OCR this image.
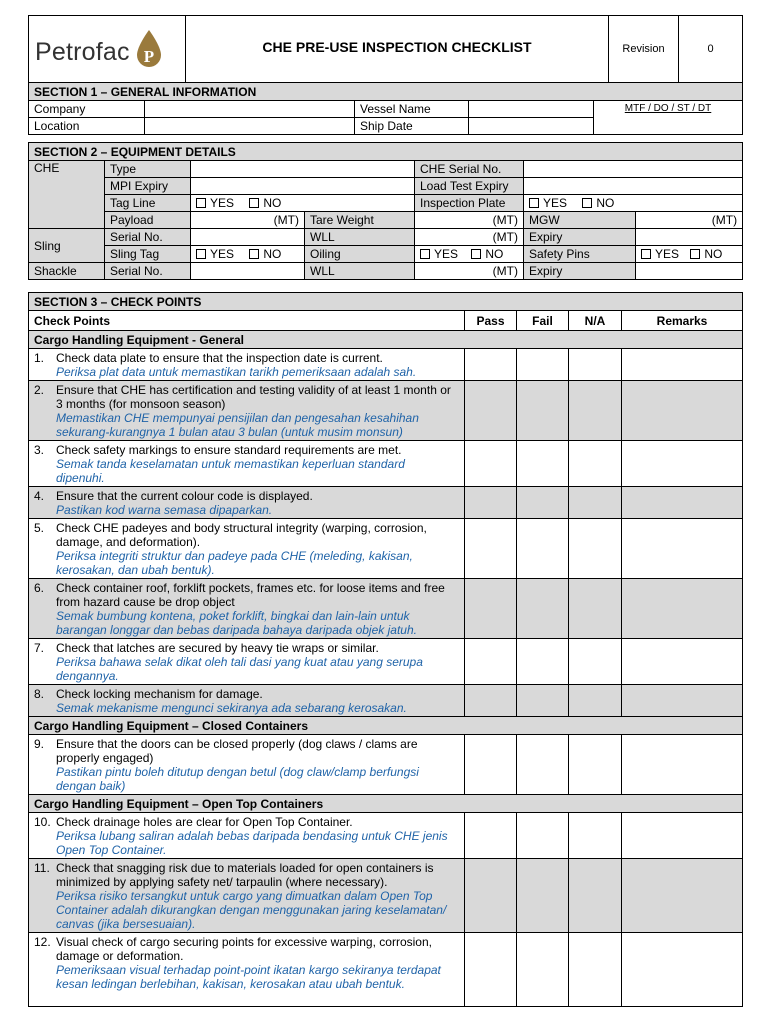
Petrofac P	CHE PRE-USE INSPECTION CHECKLIST	Revision	0
SECTION 1 – GENERAL INFORMATION				
Company		Vessel Name		MTF / DO / ST / DT
Location		Ship Date		
SECTION 2 – EQUIPMENT DETAILS						
CHE	Type			CHE Serial No.		
	MPI Expiry			Load Test Expiry		
	Tag Line	YES NO		Inspection Plate	YES NO	
	Payload	(MT)	Tare Weight	(MT)	MGW	(MT)
Sling	Serial No.		WLL	(MT)	Expiry	
	Sling Tag	YES NO	Oiling	YES NO	Safety Pins	YES NO
Shackle	Serial No.		WLL	(MT)	Expiry	
SECTION 3 – CHECK POINTS				
Check Points	Pass	Fail	N/A	Remarks
Cargo Handling Equipment - General				
1. Check data plate to ensure that the inspection date is current.
Periksa plat data untuk memastikan tarikh pemeriksaan adalah sah.				

2. Ensure that CHE has certification and testing validity of at least 1 month or 3 months (for monsoon season)
Memastikan CHE mempunyai pensijilan dan pengesahan kesahihan sekurang-kurangnya 1 bulan atau 3 bulan (untuk musim monsun)				

3. Check safety markings to ensure standard requirements are met.
Semak tanda keselamatan untuk memastikan keperluan standard dipenuhi.				

4. Ensure that the current colour code is displayed.
Pastikan kod warna semasa dipaparkan.				

5. Check CHE padeyes and body structural integrity (warping, corrosion, damage, and deformation).
Periksa integriti struktur dan padeye pada CHE (meleding, kakisan, kerosakan, dan ubah bentuk).				

6. Check container roof, forklift pockets, frames etc. for loose items and free from hazard cause be drop object
Semak bumbung kontena, poket forklift, bingkai dan lain-lain untuk barangan longgar dan bebas daripada bahaya daripada objek jatuh.				

7. Check that latches are secured by heavy tie wraps or similar.
Periksa bahawa selak dikat oleh tali dasi yang kuat atau yang serupa dengannya.				

8. Check locking mechanism for damage.
Semak mekanisme mengunci sekiranya ada sebarang kerosakan.				

Cargo Handling Equipment – Closed Containers				
9. Ensure that the doors can be closed properly (dog claws / clams are properly engaged)
Pastikan pintu boleh ditutup dengan betul (dog claw/clamp berfungsi dengan baik)				

Cargo Handling Equipment – Open Top Containers				
10. Check drainage holes are clear for Open Top Container.
Periksa lubang saliran adalah bebas daripada bendasing untuk CHE jenis Open Top Container.				

11. Check that snagging risk due to materials loaded for open containers is minimized by applying safety net/ tarpaulin (where necessary).
Periksa risiko tersangkut untuk cargo yang dimuatkan dalam Open Top Container adalah dikurangkan dengan menggunakan jaring keselamatan/ canvas (jika bersesuaian).				

12. Visual check of cargo securing points for excessive warping, corrosion, damage or deformation.
Pemeriksaan visual terhadap point-point ikatan kargo sekiranya terdapat kesan ledingan berlebihan, kakisan, kerosakan atau ubah bentuk.				
